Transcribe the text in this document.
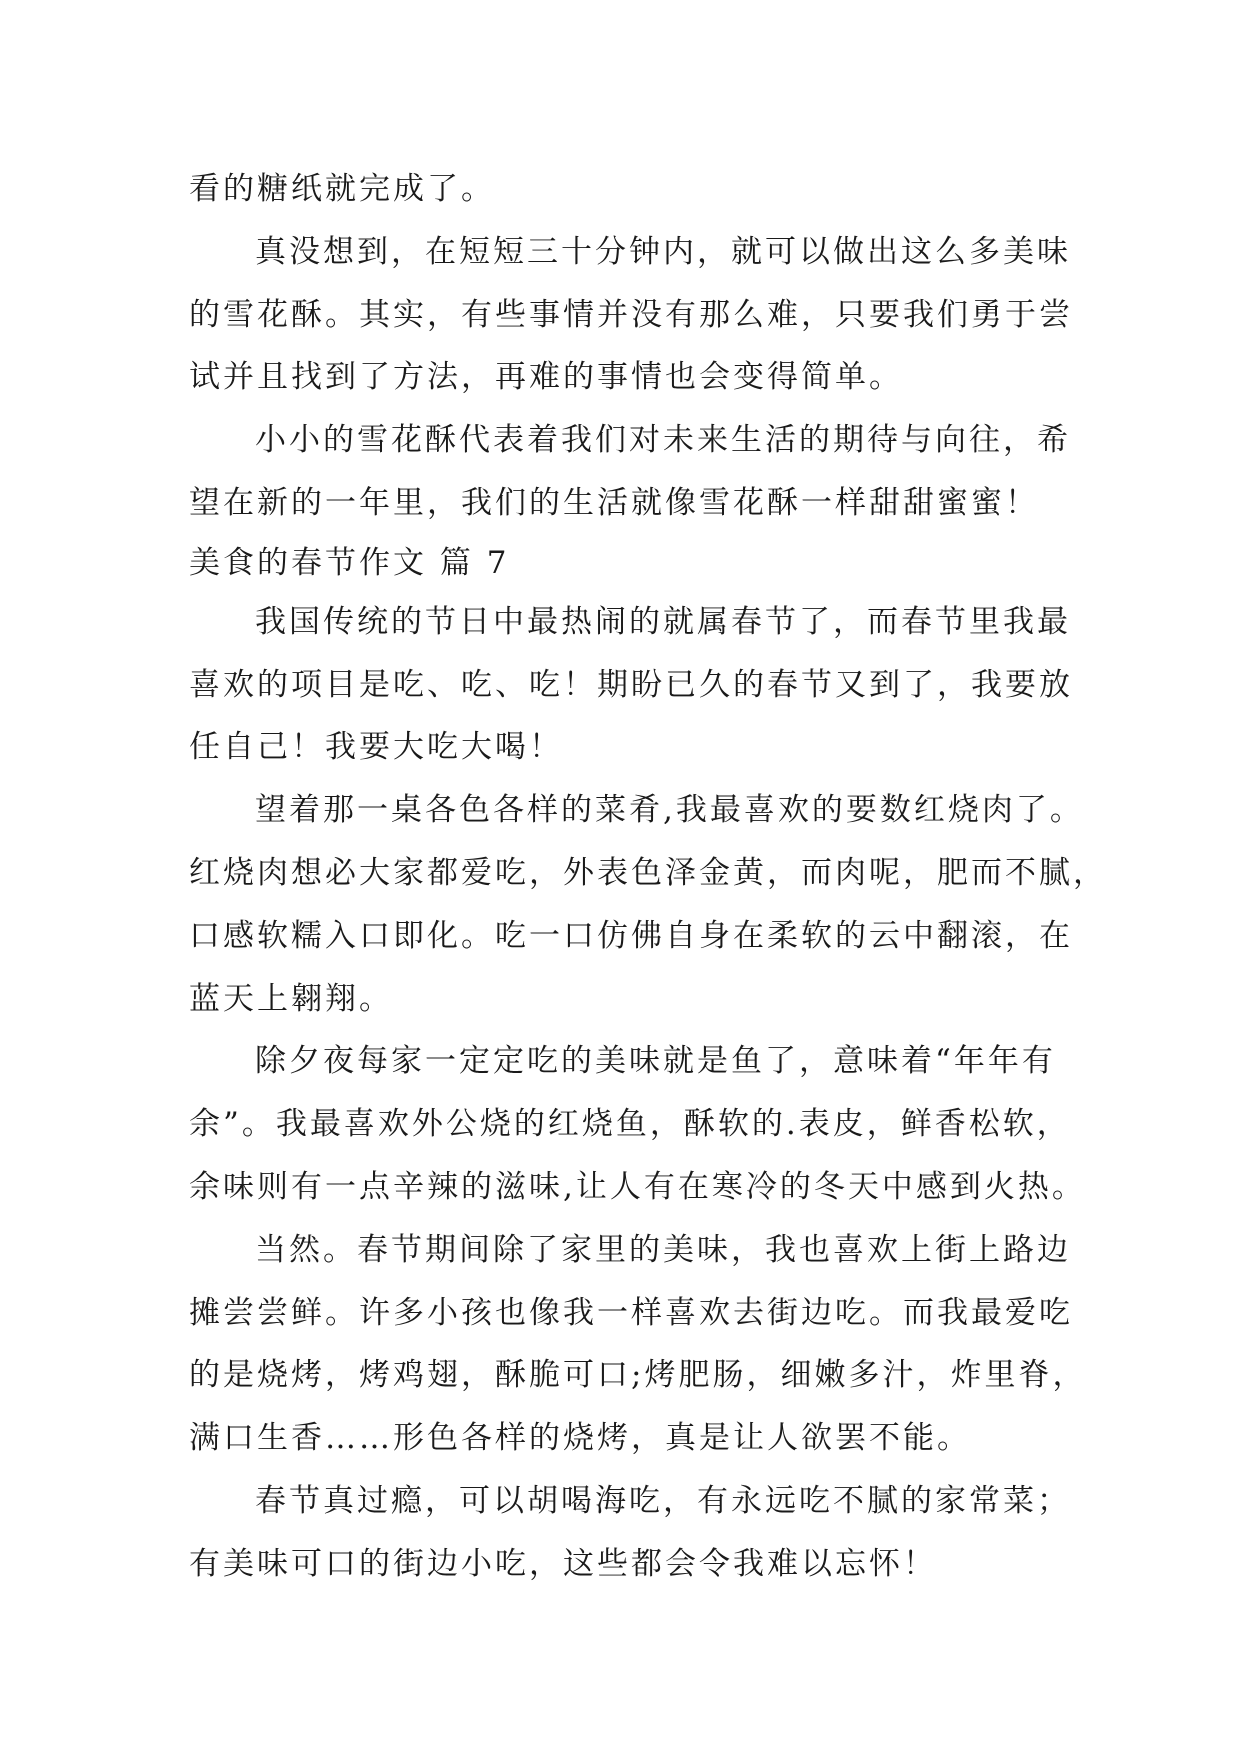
看的糖纸就完成了。
真没想到，在短短三十分钟内，就可以做出这么多美味
的雪花酥。其实，有些事情并没有那么难，只要我们勇于尝
试并且找到了方法，再难的事情也会变得简单。
小小的雪花酥代表着我们对未来生活的期待与向往，希
望在新的一年里，我们的生活就像雪花酥一样甜甜蜜蜜！
美食的春节作文 篇 7
我国传统的节日中最热闹的就属春节了，而春节里我最
喜欢的项目是吃、吃、吃！期盼已久的春节又到了，我要放
任自己！我要大吃大喝！
望着那一桌各色各样的菜肴,我最喜欢的要数红烧肉了。
红烧肉想必大家都爱吃，外表色泽金黄，而肉呢，肥而不腻，
口感软糯入口即化。吃一口仿佛自身在柔软的云中翻滚，在
蓝天上翱翔。
除夕夜每家一定定吃的美味就是鱼了，意味着“年年有
余”。我最喜欢外公烧的红烧鱼，酥软的.表皮，鲜香松软，
余味则有一点辛辣的滋味,让人有在寒冷的冬天中感到火热。
当然。春节期间除了家里的美味，我也喜欢上街上路边
摊尝尝鲜。许多小孩也像我一样喜欢去街边吃。而我最爱吃
的是烧烤，烤鸡翅，酥脆可口;烤肥肠，细嫩多汁，炸里脊，
满口生香……形色各样的烧烤，真是让人欲罢不能。
春节真过瘾，可以胡喝海吃，有永远吃不腻的家常菜；
有美味可口的街边小吃，这些都会令我难以忘怀！
